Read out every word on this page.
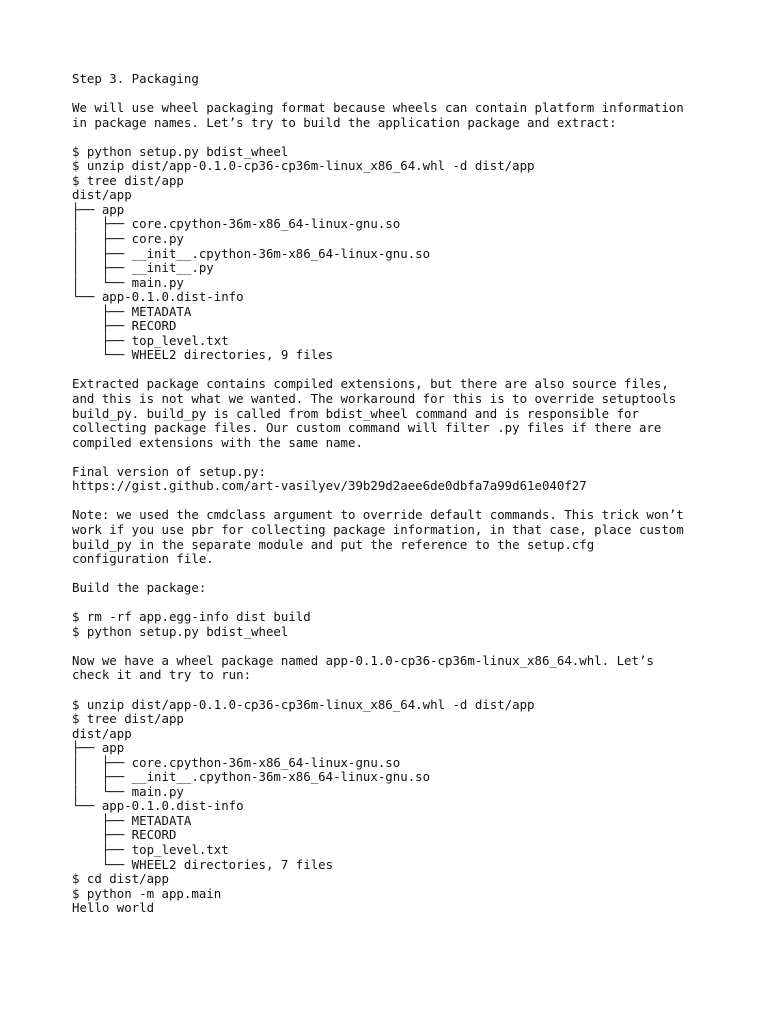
Step 3. Packaging
We will use wheel packaging format because wheels can contain platform information
in package names. Let’s try to build the application package and extract:
$ python setup.py bdist_wheel
$ unzip dist/app-0.1.0-cp36-cp36m-linux_x86_64.whl -d dist/app
$ tree dist/app
dist/app
├── app
│   ├── core.cpython-36m-x86_64-linux-gnu.so
│   ├── core.py
│   ├── __init__.cpython-36m-x86_64-linux-gnu.so
│   ├── __init__.py
│   └── main.py
└── app-0.1.0.dist-info
├── METADATA
├── RECORD
├── top_level.txt
└── WHEEL2 directories, 9 files
Extracted package contains compiled extensions, but there are also source files,
and this is not what we wanted. The workaround for this is to override setuptools
build_py. build_py is called from bdist_wheel command and is responsible for
collecting package files. Our custom command will filter .py files if there are
compiled extensions with the same name.
Final version of setup.py:
https://gist.github.com/art-vasilyev/39b29d2aee6de0dbfa7a99d61e040f27
Note: we used the cmdclass argument to override default commands. This trick won’t
work if you use pbr for collecting package information, in that case, place custom
build_py in the separate module and put the reference to the setup.cfg
configuration file.
Build the package:
$ rm -rf app.egg-info dist build
$ python setup.py bdist_wheel
Now we have a wheel package named app-0.1.0-cp36-cp36m-linux_x86_64.whl. Let’s
check it and try to run:
$ unzip dist/app-0.1.0-cp36-cp36m-linux_x86_64.whl -d dist/app
$ tree dist/app
dist/app
├── app
│   ├── core.cpython-36m-x86_64-linux-gnu.so
│   ├── __init__.cpython-36m-x86_64-linux-gnu.so
│   └── main.py
└── app-0.1.0.dist-info
├── METADATA
├── RECORD
├── top_level.txt
└── WHEEL2 directories, 7 files
$ cd dist/app
$ python -m app.main
Hello world
